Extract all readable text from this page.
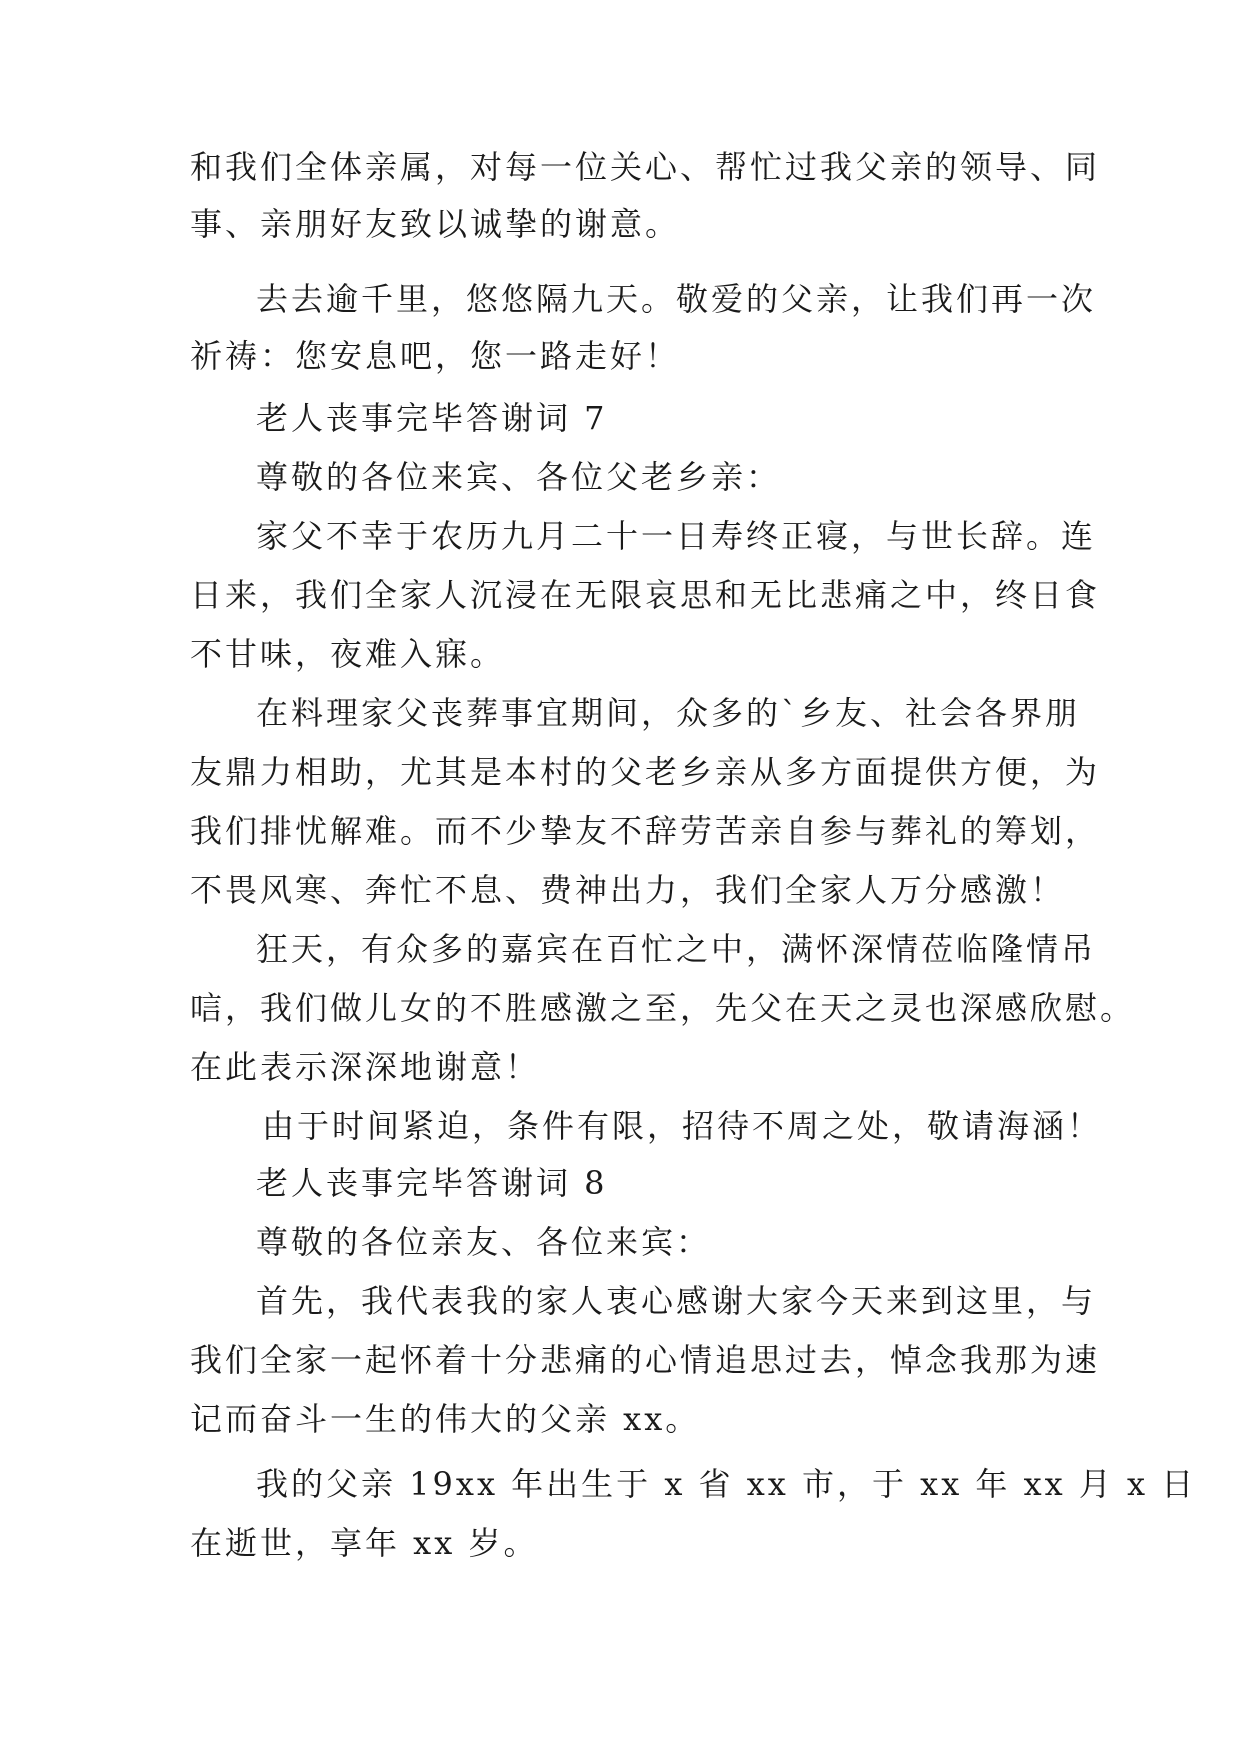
和我们全体亲属，对每一位关心、帮忙过我父亲的领导、同
事、亲朋好友致以诚挚的谢意。
去去逾千里，悠悠隔九天。敬爱的父亲，让我们再一次
祈祷：您安息吧，您一路走好！
老人丧事完毕答谢词 7
尊敬的各位来宾、各位父老乡亲：
家父不幸于农历九月二十一日寿终正寝，与世长辞。连
日来，我们全家人沉浸在无限哀思和无比悲痛之中，终日食
不甘味，夜难入寐。
在料理家父丧葬事宜期间，众多的`乡友、社会各界朋
友鼎力相助，尤其是本村的父老乡亲从多方面提供方便，为
我们排忧解难。而不少挚友不辞劳苦亲自参与葬礼的筹划，
不畏风寒、奔忙不息、费神出力，我们全家人万分感激！
狂天，有众多的嘉宾在百忙之中，满怀深情莅临隆情吊
唁，我们做儿女的不胜感激之至，先父在天之灵也深感欣慰。
在此表示深深地谢意！
由于时间紧迫，条件有限，招待不周之处，敬请海涵！
老人丧事完毕答谢词 8
尊敬的各位亲友、各位来宾：
首先，我代表我的家人衷心感谢大家今天来到这里，与
我们全家一起怀着十分悲痛的心情追思过去，悼念我那为速
记而奋斗一生的伟大的父亲 xx。
我的父亲 19xx 年出生于 x 省 xx 市，于 xx 年 xx 月 x 日
在逝世，享年 xx 岁。
